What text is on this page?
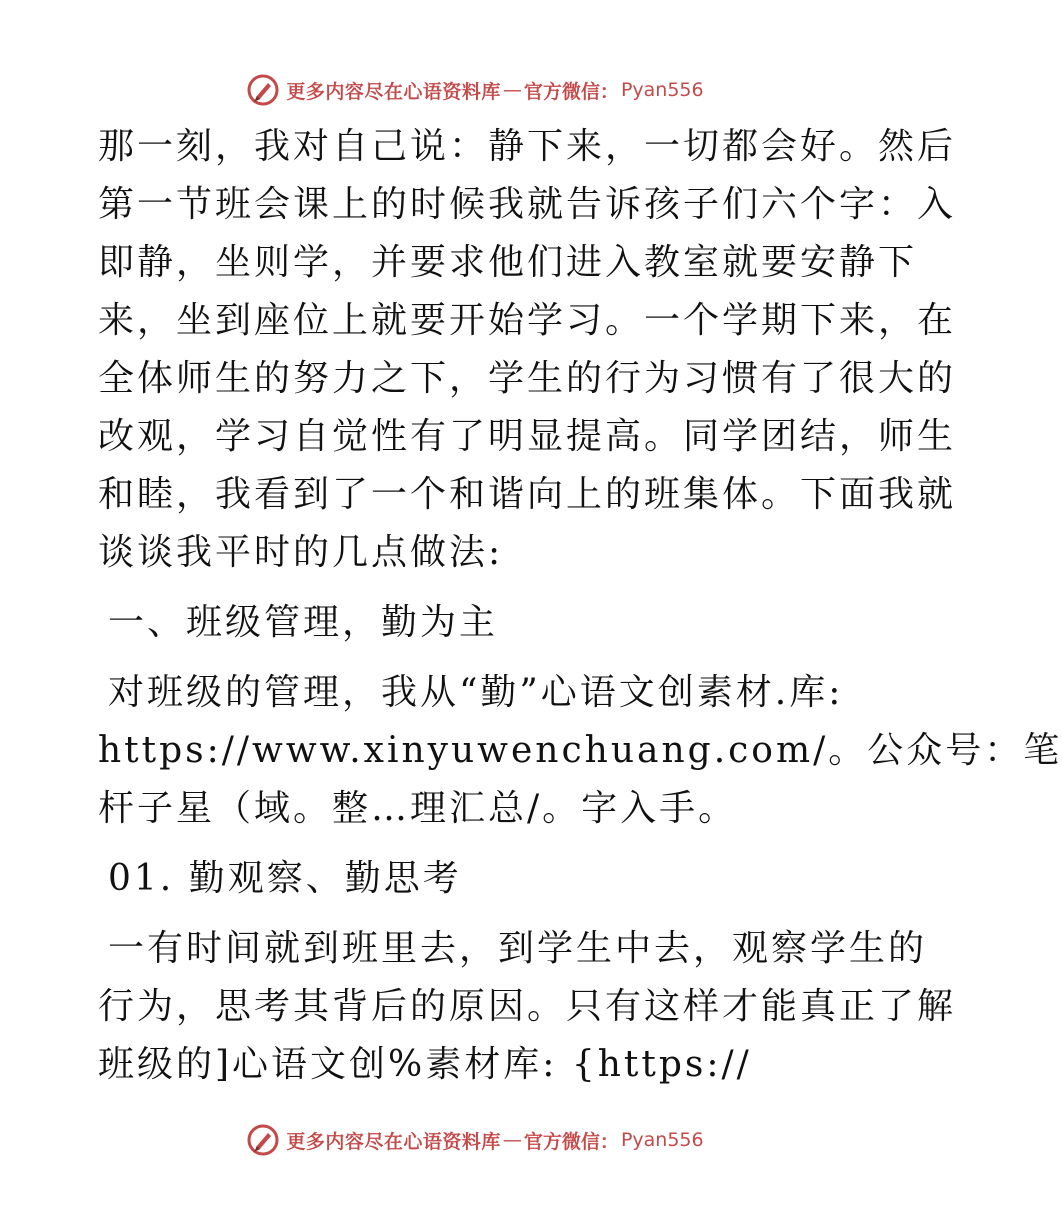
更多内容尽在心语资料库 — 官方微信： Pyan556

那一刻，我对自己说：静下来，一切都会好。然后

第一节班会课上的时候我就告诉孩子们六个字：入

即静，坐则学，并要求他们进入教室就要安静下

来，坐到座位上就要开始学习。一个学期下来，在

全体师生的努力之下，学生的行为习惯有了很大的

改观，学习自觉性有了明显提高。同学团结，师生

和睦，我看到了一个和谐向上的班集体。下面我就

谈谈我平时的几点做法:

一、班级管理，勤为主

对班级的管理，我从“勤”心语文创素材.库:

https://www.xinyuwenchuang.com/。公众号：笔

杆子星（域。整…理汇总/。字入手。

01. 勤观察、勤思考

一有时间就到班里去，到学生中去，观察学生的

行为，思考其背后的原因。只有这样才能真正了解

班级的]心语文创%素材库: {https://

更多内容尽在心语资料库 — 官方微信： Pyan556
